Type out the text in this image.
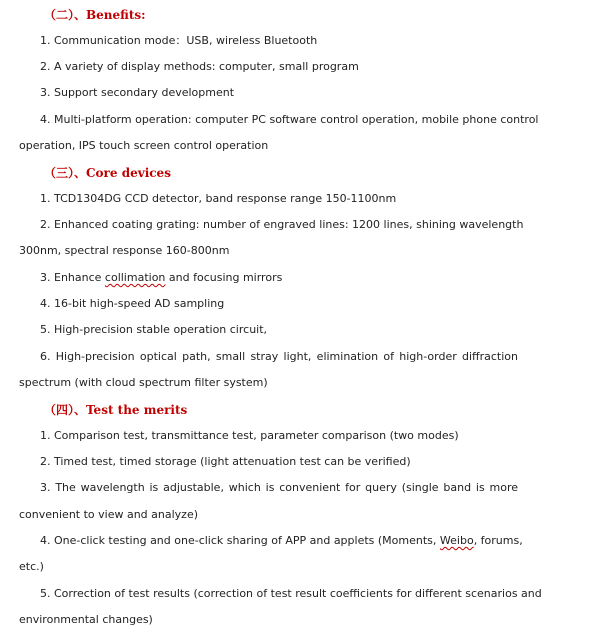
（二）、Benefits:
1. Communication mode：USB, wireless Bluetooth
2. A variety of display methods: computer, small program
3. Support secondary development
4. Multi-platform operation: computer PC software control operation, mobile phone control
operation, IPS touch screen control operation
（三）、Core devices
1. TCD1304DG CCD detector, band response range 150-1100nm
2. Enhanced coating grating: number of engraved lines: 1200 lines, shining wavelength
300nm, spectral response 160-800nm
3. Enhance collimation and focusing mirrors
4. 16-bit high-speed AD sampling
5. High-precision stable operation circuit,
6. High-precision optical path, small stray light, elimination of high-order diffraction
spectrum (with cloud spectrum filter system)
（四）、Test the merits
1. Comparison test, transmittance test, parameter comparison (two modes)
2. Timed test, timed storage (light attenuation test can be verified)
3. The wavelength is adjustable, which is convenient for query (single band is more
convenient to view and analyze)
4. One-click testing and one-click sharing of APP and applets (Moments, Weibo, forums,
etc.)
5. Correction of test results (correction of test result coefficients for different scenarios and
environmental changes)
